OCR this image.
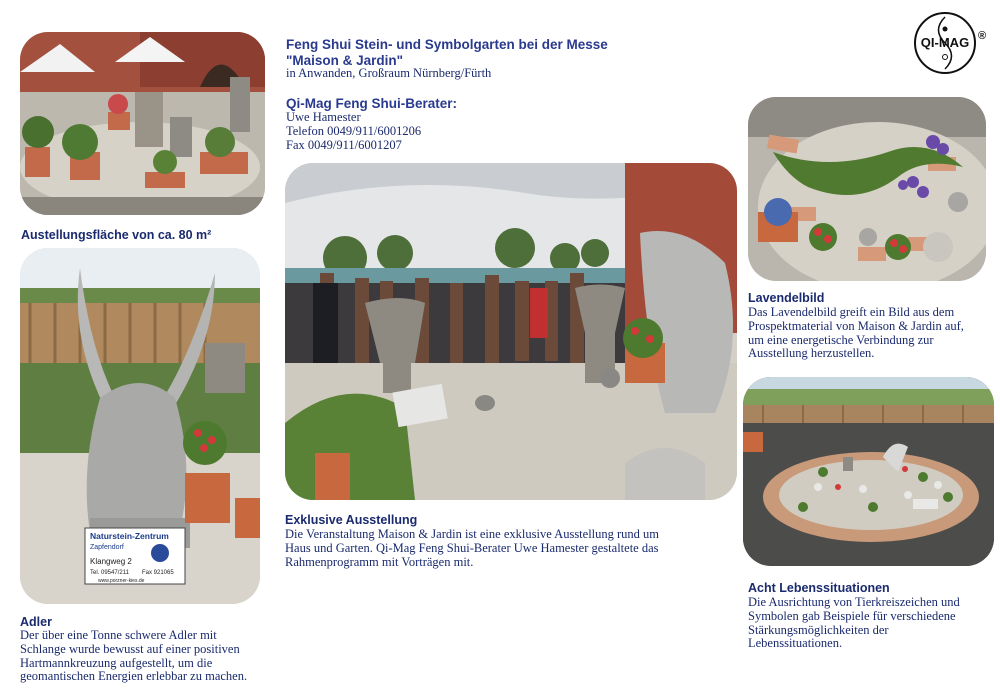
Austellungsfläche von ca. 80 m²
Naturstein-Zentrum
Zapfendorf
Klangweg 2
Tel. 09547/211 Fax 921065
www.porzner-kies.de
Adler
Der über eine Tonne schwere Adler mit
Schlange wurde bewusst auf einer positiven
Hartmannkreuzung aufgestellt, um die
geomantischen Energien erlebbar zu machen.
Feng Shui Stein- und Symbolgarten bei der Messe
"Maison & Jardin"
in Anwanden, Großraum Nürnberg/Fürth
Qi-Mag Feng Shui-Berater:
Uwe Hamester
Telefon 0049/911/6001206
Fax 0049/911/6001207
Exklusive Ausstellung
Die Veranstaltung Maison & Jardin ist eine exklusive Ausstellung rund um
Haus und Garten. Qi-Mag Feng Shui-Berater Uwe Hamester gestaltete das
Rahmenprogramm mit Vorträgen mit.
QI-MAG ®
Lavendelbild
Das Lavendelbild greift ein Bild aus dem
Prospektmaterial von Maison & Jardin auf,
um eine energetische Verbindung zur
Ausstellung herzustellen.
Acht Lebenssituationen
Die Ausrichtung von Tierkreiszeichen und
Symbolen gab Beispiele für verschiedene
Stärkungsmöglichkeiten der
Lebenssituationen.
